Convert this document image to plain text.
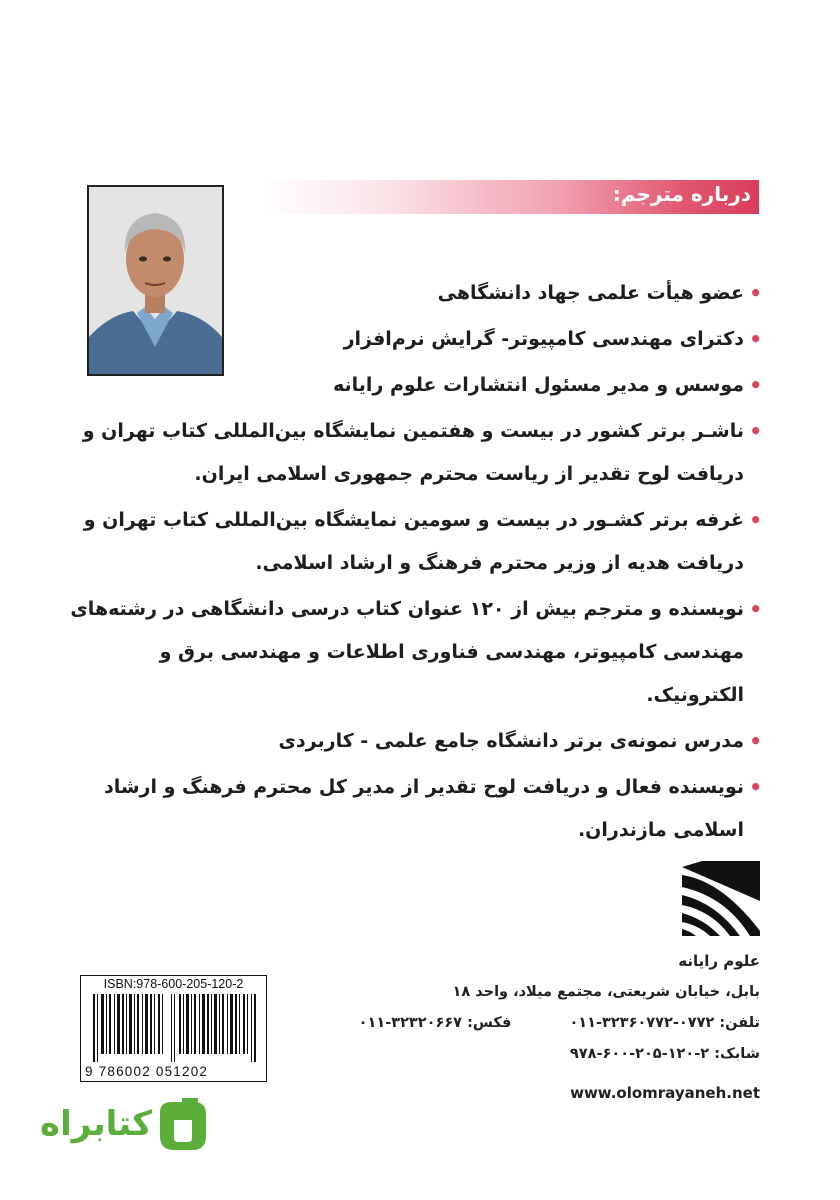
درباره مترجم:
•
عضو هیأت علمی جهاد دانشگاهی
•
دکترای مهندسی کامپیوتر- گرایش نرم‌افزار
•
موسس و مدیر مسئول انتشارات علوم رایانه
•
ناشـر برتر کشور در بیست و هفتمین نمایشگاه بین‌المللی کتاب تهران و دریافت لوح تقدیر از ریاست محترم جمهوری اسلامی ایران.
•
غرفه برتر کشـور در بیست و سومین نمایشگاه بین‌المللی کتاب تهران و دریافت هدیه از وزیر محترم فرهنگ و ارشاد اسلامی.
•
نویسنده و مترجم بیش از ۱۲۰ عنوان کتاب درسی دانشگاهی در رشته‌های مهندسی کامپیوتر، مهندسی فناوری اطلاعات و مهندسی برق و الکترونیک.
•
مدرس نمونه‌ی برتر دانشگاه جامع علمی - کاربردی
•
نویسنده فعال و دریافت لوح تقدیر از مدیر کل محترم فرهنگ و ارشاد اسلامی مازندران.
علوم رایانه
بابل، خیابان شریعتی، مجتمع میلاد، واحد ۱۸
تلفن: ۰۷۷۲-۳۲۳۶۰۷۷۲-۰۱۱  فکس: ۳۲۳۲۰۶۶۷-۰۱۱
شابک: ۲-۱۲۰-۲۰۵-۶۰۰-۹۷۸
www.olomrayaneh.net
ISBN:978-600-205-120-2
9 786002 051202
کتابراه
